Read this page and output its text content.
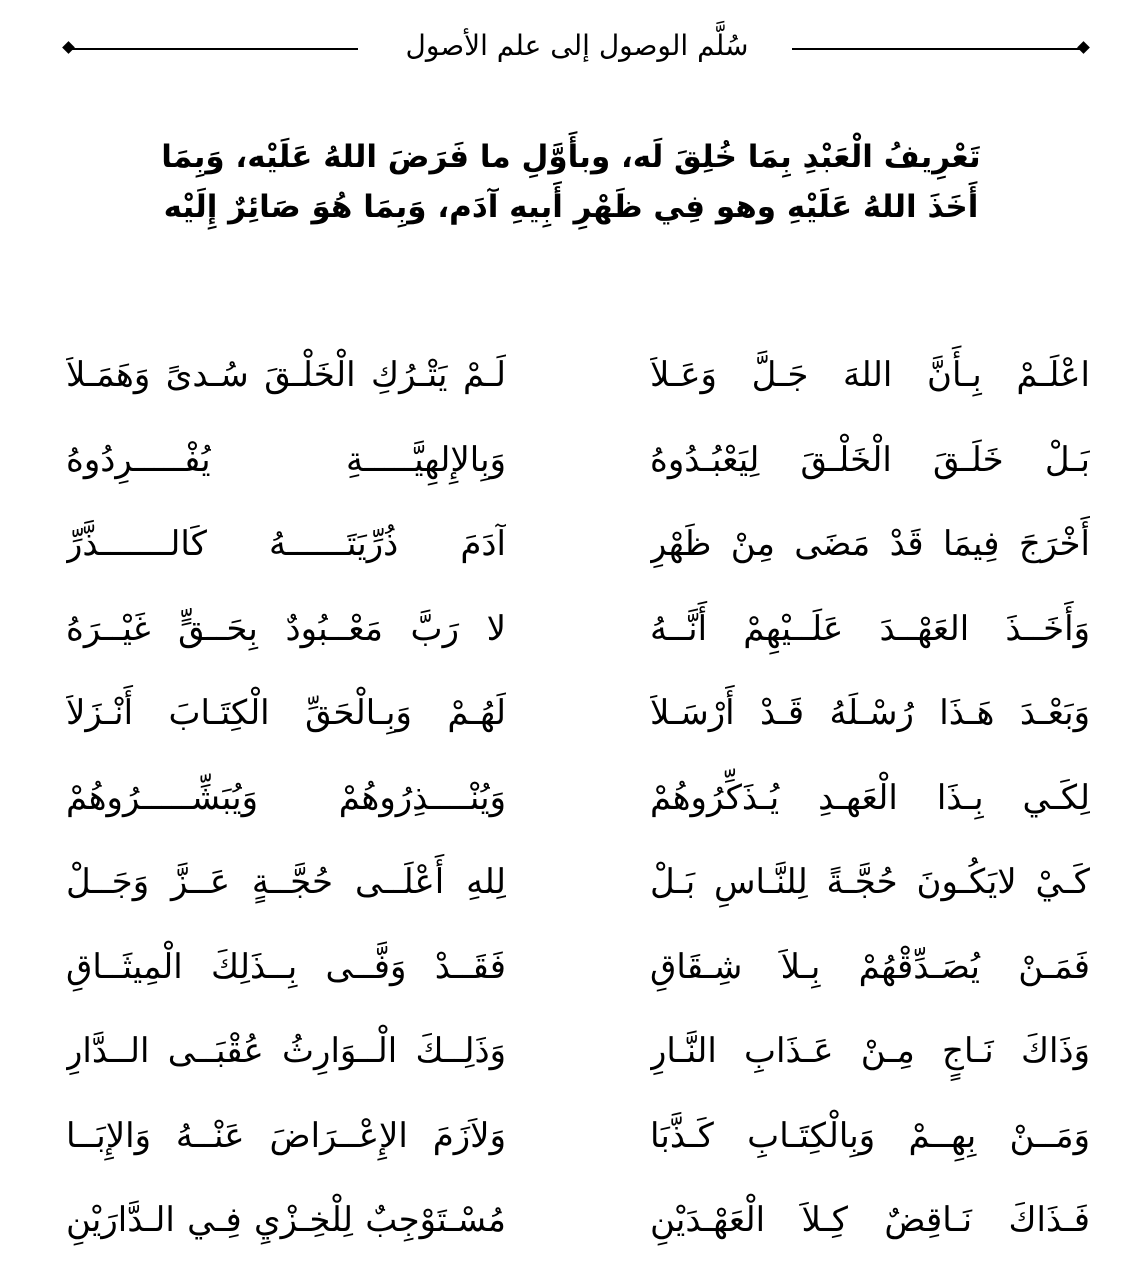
سُلَّم الوصول إلى علم الأصول
تَعْرِيفُ الْعَبْدِ بِمَا خُلِقَ لَه، وبأَوَّلِ ما فَرَضَ اللهُ عَلَيْه، وَبِمَا
أَخَذَ اللهُ عَلَيْهِ وهو فِي ظَهْرِ أَبِيهِ آدَم، وَبِمَا هُوَ صَائِرٌ إِلَيْه
اعْلَـمْ بِـأَنَّ اللهَ جَـلَّ وَعَـلاَ
لَـمْ يَتْـرُكِ الْخَلْـقَ سُـدىً وَهَمَـلاَ
بَـلْ خَلَـقَ الْخَلْـقَ لِيَعْبُـدُوهُ
وَبِالإِلهِيَّـــــةِ يُفْـــــرِدُوهُ
أَخْرَجَ فِيمَا قَدْ مَضَى مِنْ ظَهْرِ
آدَمَ ذُرِّيَتَــــــهُ كَالـــــــذَّرِّ
وَأَخَــذَ العَهْــدَ عَلَــيْهِمْ أَنَّــهُ
لا رَبَّ مَعْــبُودٌ بِحَــقٍّ غَيْــرَهُ
وَبَعْـدَ هَـذَا رُسْـلَهُ قَـدْ أَرْسَـلاَ
لَهُـمْ وَبِـالْحَقِّ الْكِتَـابَ أَنْـزَلاَ
لِكَـي بِـذَا الْعَهـدِ يُـذَكِّرُوهُمْ
وَيُنْــــذِرُوهُمْ وَيُبَشِّـــــرُوهُمْ
كَـيْ لايَكُـونَ حُجَّـةً لِلنَّـاسِ بَـلْ
لِلهِ أَعْلَــى حُجَّــةٍ عَــزَّ وَجَــلْ
فَمَـنْ يُصَـدِّقْهُمْ بِـلاَ شِـقَاقِ
فَقَــدْ وَفَّــى بِــذَلِكَ الْمِيثَــاقِ
وَذَاكَ نَـاجٍ مِـنْ عَـذَابِ النَّـارِ
وَذَلِــكَ الْــوَارِثُ عُقْبَــى الــدَّارِ
وَمَــنْ بِهِــمْ وَبِالْكِتَـابِ كَـذَّبَا
وَلاَزَمَ الإِعْــرَاضَ عَنْــهُ وَالإِبَــا
فَـذَاكَ نَـاقِضٌ كِـلاَ الْعَهْـدَيْنِ
مُسْـتَوْجِبٌ لِلْخِـزْيِ فِـي الـدَّارَيْنِ
